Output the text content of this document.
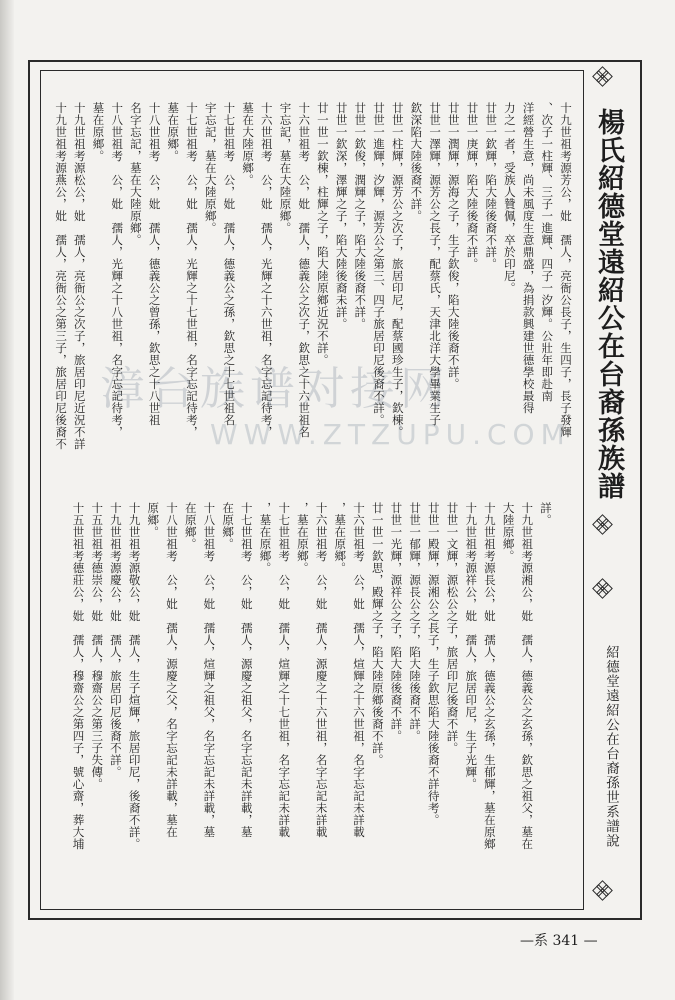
楊氏紹德堂遠紹公在台裔孫族譜
紹德堂遠紹公在台裔孫世系譜說
十九世祖考源芳公，妣　孺人，亮衙公長子，生四子，長子發輝
、次子一柱輝、三子一進輝、四子一汐輝。公壯年即赴南
洋經營生意，尚未風度生意鼎盛，為捐款興建世德學校最得
力之一者，受族人贊佩，卒於印尼。
廿世一欽輝，陷大陸後裔不詳。
廿世一庚輝，陷大陸後裔不詳。
廿世一潤輝，源海之子，生子欽俊，陷大陸後裔不詳。
廿世一澤輝，源芳公之長子，配蔡氏，天津北洋大學畢業生子
欽深陷大陸後裔不詳。
廿世一柱輝，源芳公之次子，旅居印尼，配蔡國珍生子，欽棟。
廿世一進輝，汐輝，源芳公之第三、四子旅居印尼後裔不詳。
廿世一欽俊，潤輝之子，陷大陸後裔不詳。
廿世一欽深，澤輝之子，陷大陸後裔未詳。
廿一世一欽棟，柱輝之子，陷大陸原鄉近況不詳。
十六世祖考　公，妣　孺人，德義公之次子，欽思之十六世祖名
宇忘記，墓在大陸原鄉。
十六世祖考　公，妣　孺人，光輝之十六世祖，名字忘記待考，
墓在大陸原鄉。
十七世祖考　公，妣　孺人，德義公之孫，欽思之十七世祖名
宇忘記，墓在大陸原鄉。
十七世祖考　公，妣　孺人，光輝之十七世祖，名字忘記待考，
墓在原鄉。
十八世祖考　公，妣　孺人，德義公之曾孫，欽思之十八世祖
名字忘記，墓在大陸原鄉。
十八世祖考　公，妣　孺人，光輝之十八世祖，名字忘記待考，
墓在原鄉。
十九世祖考源松公，妣　孺人，亮衙公之次子，旅居印尼近況不詳
十九世祖考源燕公，妣　孺人，亮衙公之第三子，旅居印尼後裔不
詳。
十九世祖考源湘公，妣　孺人，德義公之玄孫，欽思之祖父，墓在
大陸原鄉。
十九世祖考源長公，妣　孺人，德義公之玄孫，生郁輝，墓在原鄉
十九世祖考源祥公，妣　孺人，旅居印尼，生子光輝。
廿世一文輝，源松公之子，旅居印尼後裔不詳。
廿世一殿輝，源湘公之長子，生子欽思陷大陸後裔不詳待考。
廿世一郁輝，源長公之子，陷大陸後裔不詳。
廿世一光輝，源祥公之子，陷大陸後裔不詳。
廿一世一欽思，殿輝之子，陷大陸原鄉後裔不詳。
十六世祖考　公，妣　孺人，煊輝之十六世祖，名字忘記未詳載
，墓在原鄉。
十六世祖考　公，妣　孺人，源慶之十六世祖，名字忘記未詳載
，墓在原鄉。
十七世祖考　公，妣　孺人，煊輝之十七世祖，名字忘記未詳載
，墓在原鄉。
十七世祖考　公，妣　孺人，源慶之祖父，名字忘記未詳載，墓
在原鄉。
十八世祖考　公，妣　孺人，煊輝之祖父，名字忘記未詳載，墓
在原鄉。
十八世祖考　公，妣　孺人，源慶之父，名字忘記未詳載，墓在
原鄉。
十九世祖考源敬公，妣　孺人，生子煊輝，旅居印尼，後裔不詳。
十九世祖考源慶公，妣　孺人，旅居印尼後裔不詳。
十五世祖考德崇公，妣　孺人，穆齋公之第三子失傳。
十五世祖考德莊公，妣　孺人，穆齋公之第四子，號心齋，葬大埔
漳台族谱对接网
WWW.ZTZUPU.COM
—系 341 —
